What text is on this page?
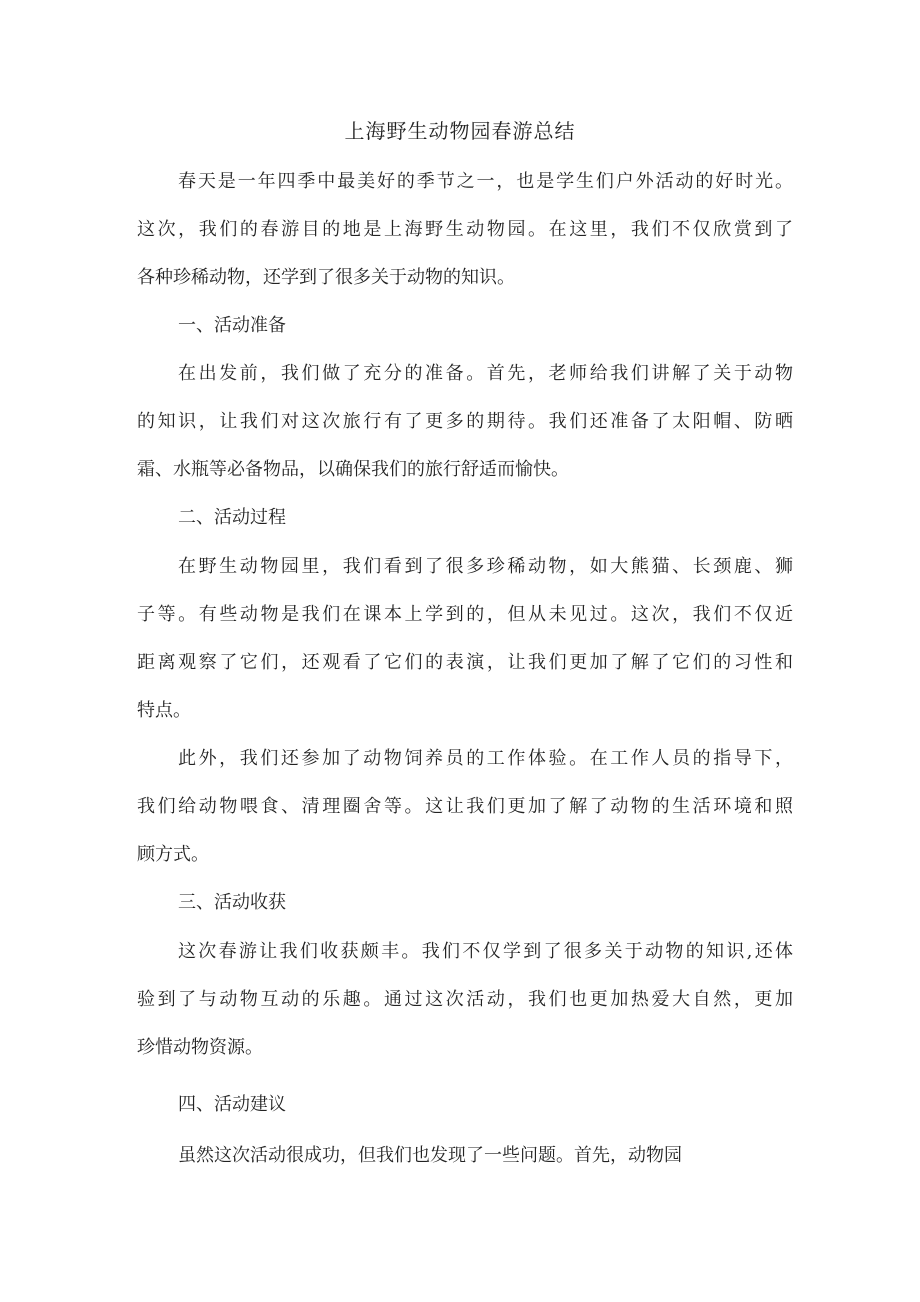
上海野生动物园春游总结
春天是一年四季中最美好的季节之一，也是学生们户外活动的好时光。
这次，我们的春游目的地是上海野生动物园。在这里，我们不仅欣赏到了
各种珍稀动物，还学到了很多关于动物的知识。
一、活动准备
在出发前，我们做了充分的准备。首先，老师给我们讲解了关于动物
的知识，让我们对这次旅行有了更多的期待。我们还准备了太阳帽、防晒
霜、水瓶等必备物品，以确保我们的旅行舒适而愉快。
二、活动过程
在野生动物园里，我们看到了很多珍稀动物，如大熊猫、长颈鹿、狮
子等。有些动物是我们在课本上学到的，但从未见过。这次，我们不仅近
距离观察了它们，还观看了它们的表演，让我们更加了解了它们的习性和
特点。
此外，我们还参加了动物饲养员的工作体验。在工作人员的指导下，
我们给动物喂食、清理圈舍等。这让我们更加了解了动物的生活环境和照
顾方式。
三、活动收获
这次春游让我们收获颇丰。我们不仅学到了很多关于动物的知识,还体
验到了与动物互动的乐趣。通过这次活动，我们也更加热爱大自然，更加
珍惜动物资源。
四、活动建议
虽然这次活动很成功，但我们也发现了一些问题。首先，动物园
